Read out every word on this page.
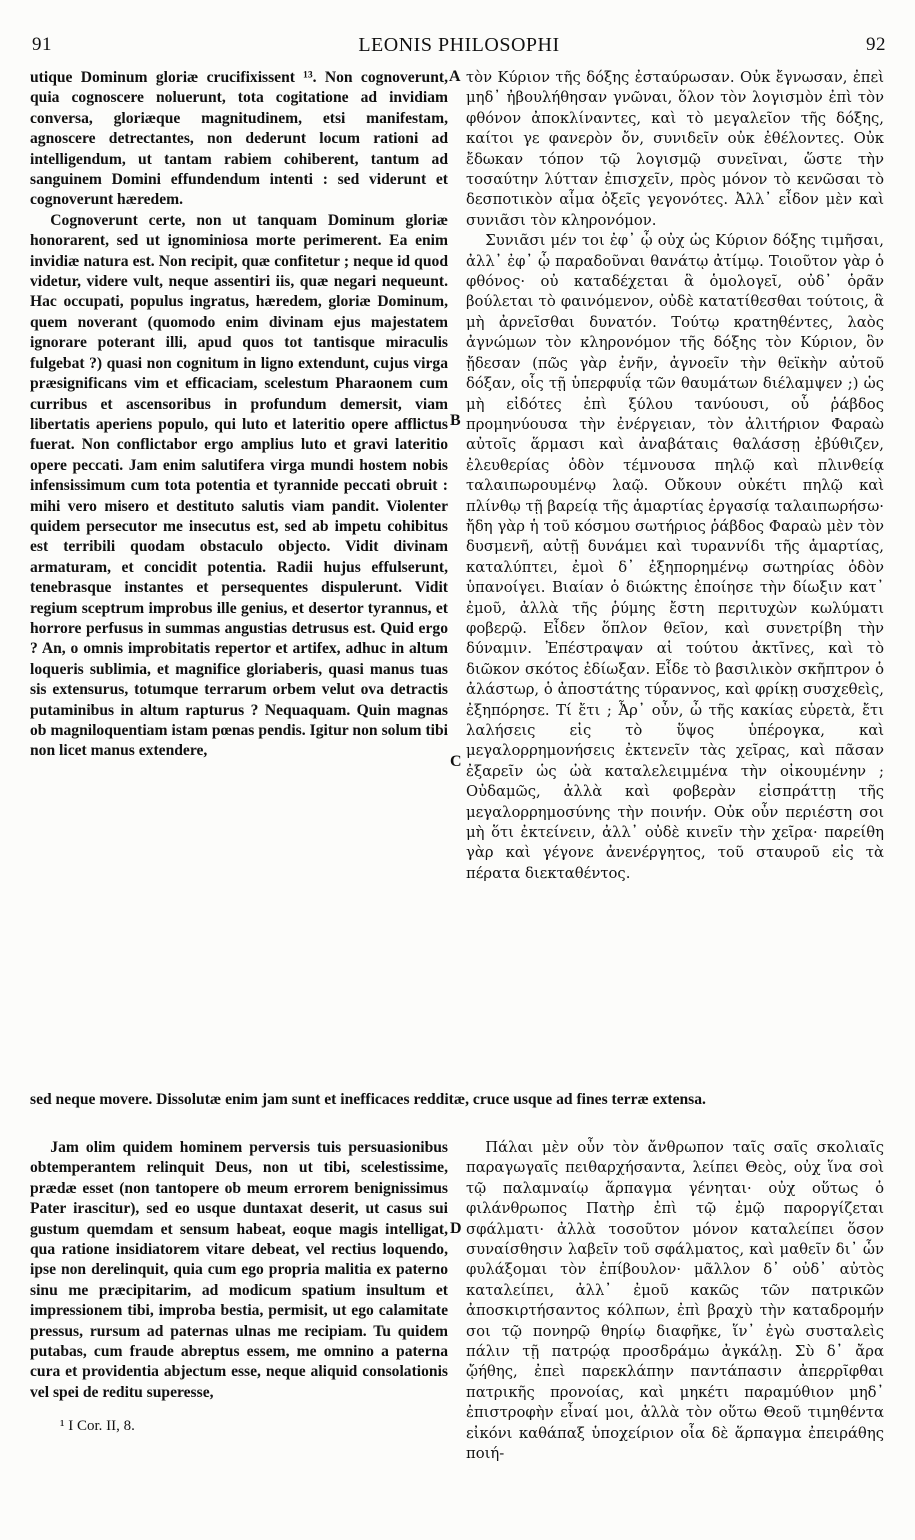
91	LEONIS PHILOSOPHI	92

utique Dominum gloriæ crucifixissent ¹³. Non cognoverunt, quia cognoscere noluerunt, tota cogitatione ad invidiam conversa, gloriæque magnitudinem, etsi manifestam, agnoscere detrectantes, non dederunt locum rationi ad intelligendum, ut tantam rabiem cohiberent, tantum ad sanguinem Domini effundendum intenti : sed viderunt et cognoverunt hæredem.

Cognoverunt certe, non ut tanquam Dominum gloriæ honorarent, sed ut ignominiosa morte perimerent. Ea enim invidiæ natura est. Non recipit, quæ confitetur ; neque id quod videtur, videre vult, neque assentiri iis, quæ negari nequeunt. Hac occupati, populus ingratus, hæredem, gloriæ Dominum, quem noverant (quomodo enim divinam ejus majestatem ignorare poterant illi, apud quos tot tantisque miraculis fulgebat ?) quasi non cognitum in ligno extendunt, cujus virga præsignificans vim et efficaciam, scelestum Pharaonem cum curribus et ascensoribus in profundum demersit, viam libertatis aperiens populo, qui luto et lateritio opere afflictus fuerat. Non conflictabor ergo amplius luto et gravi lateritio opere peccati. Jam enim salutifera virga mundi hostem nobis infensissimum cum tota potentia et tyrannide peccati obruit : mihi vero misero et destituto salutis viam pandit. Violenter quidem persecutor me insecutus est, sed ab impetu cohibitus est terribili quodam obstaculo objecto. Vidit divinam armaturam, et concidit potentia. Radii hujus effulserunt, tenebrasque instantes et persequentes dispulerunt. Vidit regium sceptrum improbus ille genius, et desertor tyrannus, et horrore perfusus in summas angustias detrusus est. Quid ergo ? An, o omnis improbitatis repertor et artifex, adhuc in altum loqueris sublimia, et magnifice gloriaberis, quasi manus tuas sis extensurus, totumque terrarum orbem velut ova detractis putaminibus in altum rapturus ? Nequaquam. Quin magnas ob magniloquentiam istam pœnas pendis. Igitur non solum tibi non licet manus extendere,

τὸν Κύριον τῆς δόξης ἐσταύρωσαν. Οὐκ ἔγνωσαν, ἐπεὶ μηδ᾽ ἠβουλήθησαν γνῶναι, ὅλον τὸν λογισμὸν ἐπὶ τὸν φθόνον ἀποκλίναντες, καὶ τὸ μεγαλεῖον τῆς δόξης, καίτοι γε φανερὸν ὄν, συνιδεῖν οὐκ ἐθέλοντες. Οὐκ ἔδωκαν τόπον τῷ λογισμῷ συνεῖναι, ὥστε τὴν τοσαύτην λύτταν ἐπισχεῖν, πρὸς μόνον τὸ κενῶσαι τὸ δεσποτικὸν αἷμα ὀξεῖς γεγονότες. Ἀλλ᾽ εἶδον μὲν καὶ συνιᾶσι τὸν κληρονόμον.

Συνιᾶσι μέν τοι ἐφ᾽ ᾧ οὐχ ὡς Κύριον δόξης τιμῆσαι, ἀλλ᾽ ἐφ᾽ ᾧ παραδοῦναι θανάτῳ ἀτίμῳ. Τοιοῦτον γὰρ ὁ φθόνος· οὐ καταδέχεται ἃ ὁμολογεῖ, οὐδ᾽ ὁρᾶν βούλεται τὸ φαινόμενον, οὐδὲ κατατίθεσθαι τούτοις, ἃ μὴ ἀρνεῖσθαι δυνατόν. Τούτῳ κρατηθέντες, λαὸς ἀγνώμων τὸν κληρονόμον τῆς δόξης τὸν Κύριον, ὃν ᾔδεσαν (πῶς γὰρ ἐνῆν, ἀγνοεῖν τὴν θεϊκὴν αὐτοῦ δόξαν, οἷς τῇ ὑπερφυΐᾳ τῶν θαυμάτων διέλαμψεν ;) ὡς μὴ εἰδότες ἐπὶ ξύλου τανύουσι, οὗ ῥάβδος προμηνύουσα τὴν ἐνέργειαν, τὸν ἀλιτήριον Φαραὼ αὐτοῖς ἅρμασι καὶ ἀναβάταις θαλάσσῃ ἐβύθιζεν, ἐλευθερίας ὁδὸν τέμνουσα πηλῷ καὶ πλινθείᾳ ταλαιπωρουμένῳ λαῷ. Οὔκουν οὐκέτι πηλῷ καὶ πλίνθῳ τῇ βαρείᾳ τῆς ἁμαρτίας ἐργασίᾳ ταλαιπωρήσω· ἤδη γὰρ ἡ τοῦ κόσμου σωτήριος ῥάβδος Φαραὼ μὲν τὸν δυσμενῆ, αὐτῇ δυνάμει καὶ τυραννίδι τῆς ἁμαρτίας, καταλύπτει, ἐμοὶ δ᾽ ἐξηπορημένῳ σωτηρίας ὁδὸν ὑπανοίγει. Βιαίαν ὁ διώκτης ἐποίησε τὴν δίωξιν κατ᾽ ἐμοῦ, ἀλλὰ τῆς ῥύμης ἔστη περιτυχὼν κωλύματι φοβερῷ. Εἶδεν ὅπλον θεῖον, καὶ συνετρίβη τὴν δύναμιν. Ἐπέστραψαν αἱ τούτου ἀκτῖνες, καὶ τὸ διῶκον σκότος ἐδίωξαν. Εἶδε τὸ βασιλικὸν σκῆπτρον ὁ ἀλάστωρ, ὁ ἀποστάτης τύραννος, καὶ φρίκῃ συσχεθεὶς, ἐξηπόρησε. Τί ἔτι ; Ἆρ᾽ οὖν, ὦ τῆς κακίας εὑρετὰ, ἔτι λαλήσεις εἰς τὸ ὕψος ὑπέρογκα, καὶ μεγαλορρημονήσεις ἐκτενεῖν τὰς χεῖρας, καὶ πᾶσαν ἐξαρεῖν ὡς ὠὰ καταλελειμμένα τὴν οἰκουμένην ; Οὐδαμῶς, ἀλλὰ καὶ φοβερὰν εἰσπράττῃ τῆς μεγαλορρημοσύνης τὴν ποινήν. Οὐκ οὖν περιέστη σοι μὴ ὅτι ἐκτείνειν, ἀλλ᾽ οὐδὲ κινεῖν τὴν χεῖρα· παρείθη γὰρ καὶ γέγονε ἀνενέργητος, τοῦ σταυροῦ εἰς τὰ πέρατα διεκταθέντος.

A
B
C
D
sed neque movere. Dissolutæ enim jam sunt et inefficaces redditæ, cruce usque ad fines terræ extensa.

Jam olim quidem hominem perversis tuis persuasionibus obtemperantem relinquit Deus, non ut tibi, scelestissime, prædæ esset (non tantopere ob meum errorem benignissimus Pater irascitur), sed eo usque duntaxat deserit, ut casus sui gustum quemdam et sensum habeat, eoque magis intelligat, qua ratione insidiatorem vitare debeat, vel rectius loquendo, ipse non derelinquit, quia cum ego propria malitia ex paterno sinu me præcipitarim, ad modicum spatium insultum et impressionem tibi, improba bestia, permisit, ut ego calamitate pressus, rursum ad paternas ulnas me recipiam. Tu quidem putabas, cum fraude abreptus essem, me omnino a paterna cura et providentia abjectum esse, neque aliquid consolationis vel spei de reditu superesse,

Πάλαι μὲν οὖν τὸν ἄνθρωπον ταῖς σαῖς σκολιαῖς παραγωγαῖς πειθαρχήσαντα, λείπει Θεὸς, οὐχ ἵνα σοὶ τῷ παλαμναίῳ ἅρπαγμα γένηται· οὐχ οὕτως ὁ φιλάνθρωπος Πατὴρ ἐπὶ τῷ ἐμῷ παροργίζεται σφάλματι· ἀλλὰ τοσοῦτον μόνον καταλείπει ὅσον συναίσθησιν λαβεῖν τοῦ σφάλματος, καὶ μαθεῖν δι᾽ ὧν φυλάξομαι τὸν ἐπίβουλον· μᾶλλον δ᾽ οὐδ᾽ αὐτὸς καταλείπει, ἀλλ᾽ ἐμοῦ κακῶς τῶν πατρικῶν ἀποσκιρτήσαντος κόλπων, ἐπὶ βραχὺ τὴν καταδρομήν σοι τῷ πονηρῷ θηρίῳ διαφῆκε, ἵν᾽ ἐγὼ συσταλεὶς πάλιν τῇ πατρῴᾳ προσδράμω ἀγκάλῃ. Σὺ δ᾽ ἄρα ᾤήθης, ἐπεὶ παρεκλάπην παντάπασιν ἀπερρῖφθαι πατρικῆς προνοίας, καὶ μηκέτι παραμύθιον μηδ᾽ ἐπιστροφὴν εἶναί μοι, ἀλλὰ τὸν οὕτω Θεοῦ τιμηθέντα εἰκόνι καθάπαξ ὑποχείριον οἷα δὲ ἅρπαγμα ἐπειράθης ποιή-

¹ I Cor. II, 8.
